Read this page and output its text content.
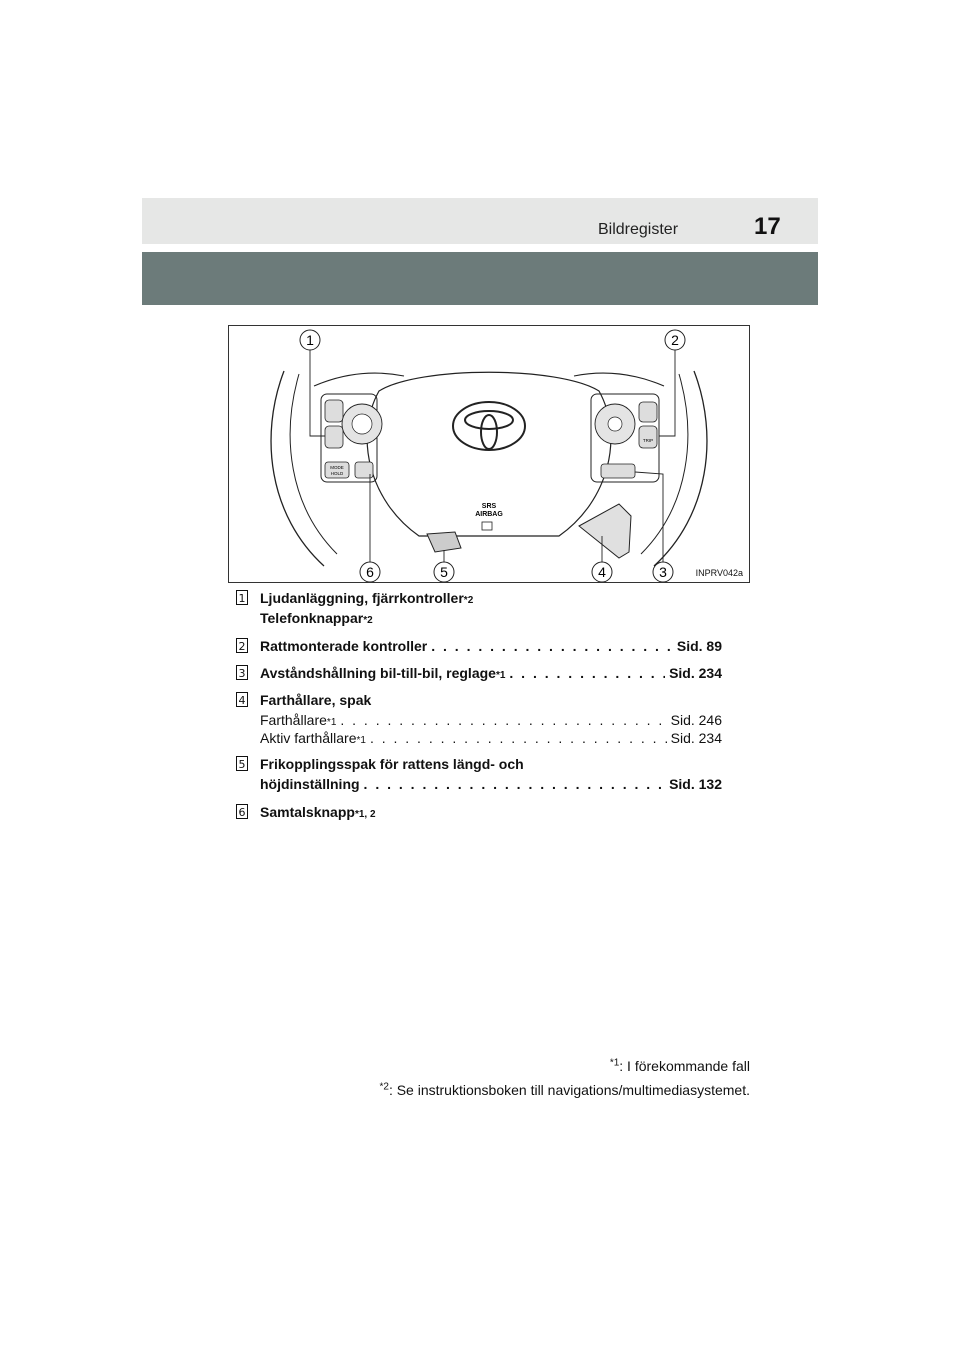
Bildregister	17
SRS
AIRBAG
MODE
HOLD
TRIP
1	2
3
4
5
6	INPRV042a
1 Ljudanläggning, fjärrkontroller *2
Telefonknappar *2
2 Rattmonterade kontroller . . .	Sid. 89
3 Avståndshållning bil-till-bil, reglage *1 . . .	Sid. 234
4 Farthållare, spak
Farthållare *1 . . .	Sid. 246
Aktiv farthållare *1 . . .	Sid. 234
5 Frikopplingsspak för rattens längd- och
höjdinställning . . .	Sid. 132
6 Samtalsknapp *1, 2
$^{*1}$: I förekommande fall
$^{*2}$: Se instruktionsboken till navigations/multimediasystemet.
